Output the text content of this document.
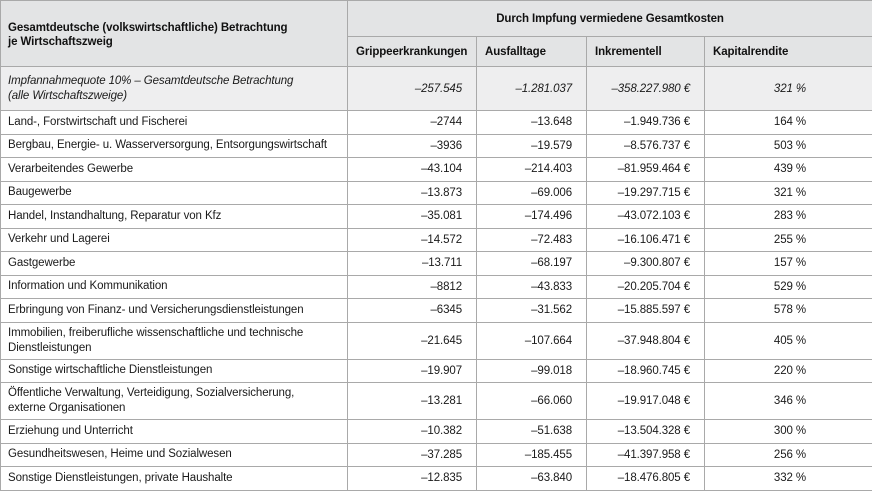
Gesamtdeutsche (volkswirtschaftliche) Betrachtung
je Wirtschaftszweig	Durch Impfung vermiedene Gesamtkosten			
	Grippeerkrankungen	Ausfalltage	Inkrementell	Kapitalrendite
Impfannahmequote 10% – Gesamtdeutsche Betrachtung
(alle Wirtschaftszweige)	–257.545	–1.281.037	–358.227.980 €	321 %
Land-, Forstwirtschaft und Fischerei	–2744	–13.648	–1.949.736 €	164 %
Bergbau, Energie- u. Wasserversorgung, Entsorgungswirtschaft	–3936	–19.579	–8.576.737 €	503 %
Verarbeitendes Gewerbe	–43.104	–214.403	–81.959.464 €	439 %
Baugewerbe	–13.873	–69.006	–19.297.715 €	321 %
Handel, Instandhaltung, Reparatur von Kfz	–35.081	–174.496	–43.072.103 €	283 %
Verkehr und Lagerei	–14.572	–72.483	–16.106.471 €	255 %
Gastgewerbe	–13.711	–68.197	–9.300.807 €	157 %
Information und Kommunikation	–8812	–43.833	–20.205.704 €	529 %
Erbringung von Finanz- und Versicherungsdienstleistungen	–6345	–31.562	–15.885.597 €	578 %
Immobilien, freiberufliche wissenschaftliche und technische
Dienstleistungen	–21.645	–107.664	–37.948.804 €	405 %
Sonstige wirtschaftliche Dienstleistungen	–19.907	–99.018	–18.960.745 €	220 %
Öffentliche Verwaltung, Verteidigung, Sozialversicherung,
externe Organisationen	–13.281	–66.060	–19.917.048 €	346 %
Erziehung und Unterricht	–10.382	–51.638	–13.504.328 €	300 %
Gesundheitswesen, Heime und Sozialwesen	–37.285	–185.455	–41.397.958 €	256 %
Sonstige Dienstleistungen, private Haushalte	–12.835	–63.840	–18.476.805 €	332 %
